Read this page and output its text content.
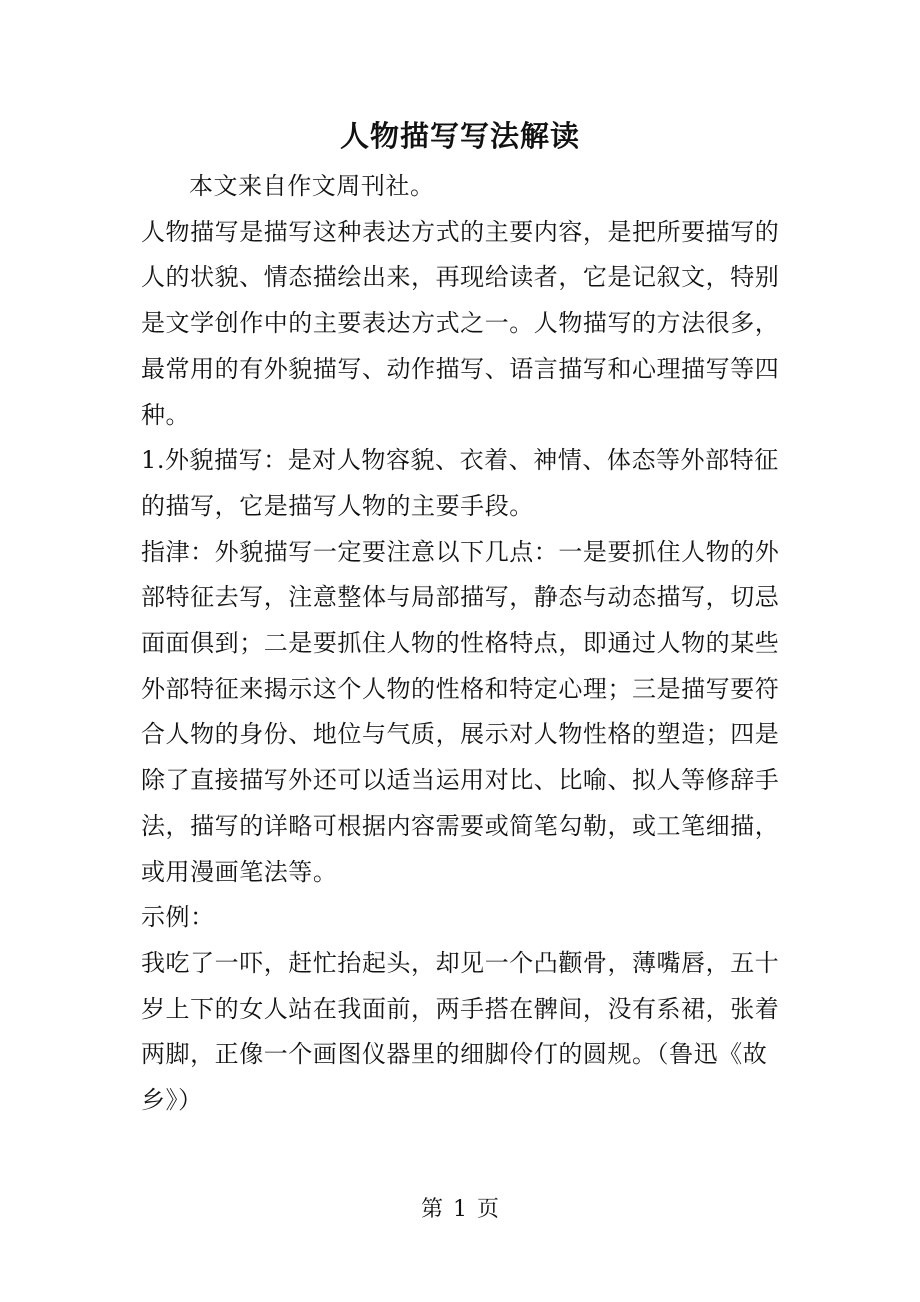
人物描写写法解读

本文来自作文周刊社。

人物描写是描写这种表达方式的主要内容，是把所要描写的人的状貌、情态描绘出来，再现给读者，它是记叙文，特别是文学创作中的主要表达方式之一。人物描写的方法很多，最常用的有外貌描写、动作描写、语言描写和心理描写等四种。

1.外貌描写：是对人物容貌、衣着、神情、体态等外部特征的描写，它是描写人物的主要手段。

指津：外貌描写一定要注意以下几点：一是要抓住人物的外部特征去写，注意整体与局部描写，静态与动态描写，切忌面面俱到；二是要抓住人物的性格特点，即通过人物的某些外部特征来揭示这个人物的性格和特定心理；三是描写要符合人物的身份、地位与气质，展示对人物性格的塑造；四是除了直接描写外还可以适当运用对比、比喻、拟人等修辞手法，描写的详略可根据内容需要或简笔勾勒，或工笔细描，或用漫画笔法等。

示例：

我吃了一吓，赶忙抬起头，却见一个凸颧骨，薄嘴唇，五十岁上下的女人站在我面前，两手搭在髀间，没有系裙，张着两脚，正像一个画图仪器里的细脚伶仃的圆规。（鲁迅《故乡》）

第 1 页
